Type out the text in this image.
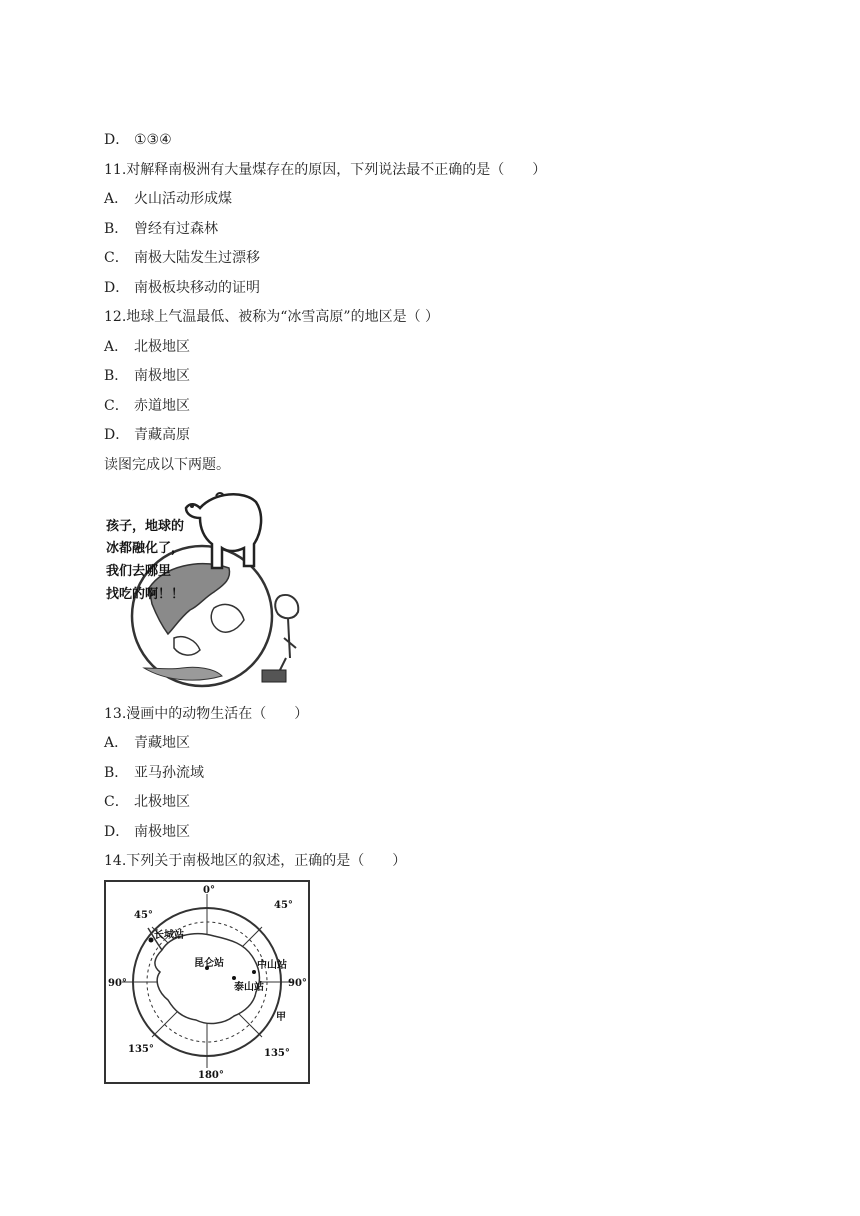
D． ①③④
11.对解释南极洲有大量煤存在的原因，下列说法最不正确的是（　　）
A． 火山活动形成煤
B． 曾经有过森林
C． 南极大陆发生过漂移
D． 南极板块移动的证明
12.地球上气温最低、被称为“冰雪高原”的地区是（ ）
A． 北极地区
B． 南极地区
C． 赤道地区
D． 青藏高原
读图完成以下两题。
孩子，地球的
冰都融化了，
我们去哪里
找吃的啊！！
13.漫画中的动物生活在（　　）
A． 青藏地区
B． 亚马孙流域
C． 北极地区
D． 南极地区
14.下列关于南极地区的叙述，正确的是（　　）
0°
45°
45°
90°	90°
135°	135°
180°
长城站
昆仑站	中山站
泰山站
甲
